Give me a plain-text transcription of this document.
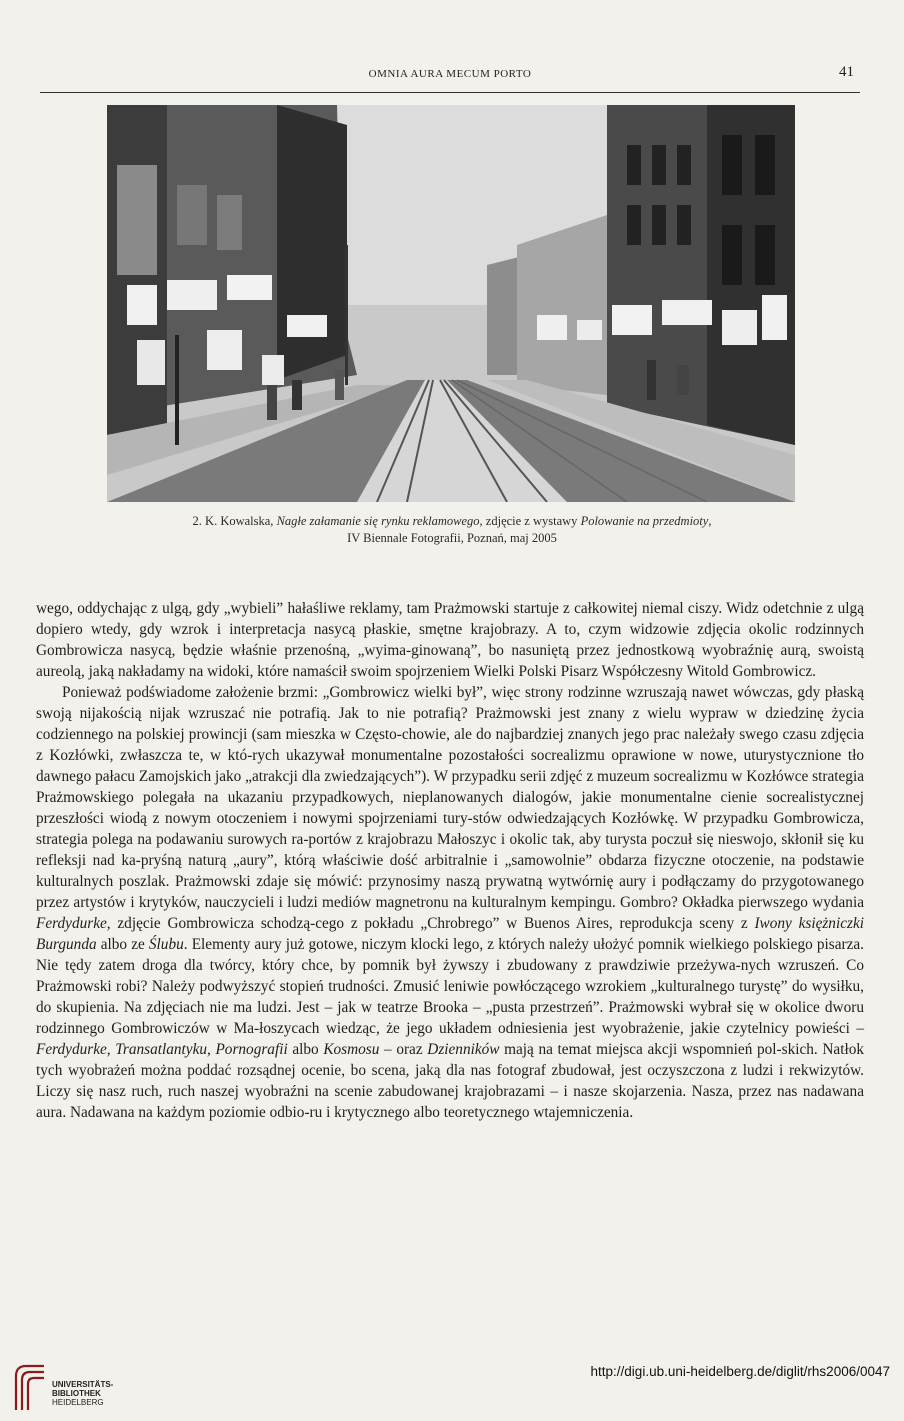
OMNIA AURA MECUM PORTO	41
2. K. Kowalska, Nagłe załamanie się rynku reklamowego, zdjęcie z wystawy Polowanie na przedmioty,
IV Biennale Fotografii, Poznań, maj 2005

wego, oddychając z ulgą, gdy „wybieli” hałaśliwe reklamy, tam Prażmowski startuje z całkowitej niemal ciszy. Widz odetchnie z ulgą dopiero wtedy, gdy wzrok i interpretacja nasycą płaskie, smętne krajobrazy. A to, czym widzowie zdjęcia okolic rodzinnych Gombrowicza nasycą, będzie właśnie przenośną, „wyima-ginowaną”, bo nasuniętą przez jednostkową wyobraźnię aurą, swoistą aureolą, jaką nakładamy na widoki, które namaścił swoim spojrzeniem Wielki Polski Pisarz Współczesny Witold Gombrowicz.

Ponieważ podświadome założenie brzmi: „Gombrowicz wielki był”, więc strony rodzinne wzruszają nawet wówczas, gdy płaską swoją nijakością nijak wzruszać nie potrafią. Jak to nie potrafią? Prażmowski jest znany z wielu wypraw w dziedzinę życia codziennego na polskiej prowincji (sam mieszka w Często-chowie, ale do najbardziej znanych jego prac należały swego czasu zdjęcia z Kozłówki, zwłaszcza te, w któ-rych ukazywał monumentalne pozostałości socrealizmu oprawione w nowe, uturystycznione tło dawnego pałacu Zamojskich jako „atrakcji dla zwiedzających”). W przypadku serii zdjęć z muzeum socrealizmu w Kozłówce strategia Prażmowskiego polegała na ukazaniu przypadkowych, nieplanowanych dialogów, jakie monumentalne cienie socrealistycznej przeszłości wiodą z nowym otoczeniem i nowymi spojrzeniami tury-stów odwiedzających Kozłówkę. W przypadku Gombrowicza, strategia polega na podawaniu surowych ra-portów z krajobrazu Małoszyc i okolic tak, aby turysta poczuł się nieswojo, skłonił się ku refleksji nad ka-pryśną naturą „aury”, którą właściwie dość arbitralnie i „samowolnie” obdarza fizyczne otoczenie, na podstawie kulturalnych poszlak. Prażmowski zdaje się mówić: przynosimy naszą prywatną wytwórnię aury i podłączamy do przygotowanego przez artystów i krytyków, nauczycieli i ludzi mediów magnetronu na kulturalnym kempingu. Gombro? Okładka pierwszego wydania Ferdydurke, zdjęcie Gombrowicza schodzą-cego z pokładu „Chrobrego” w Buenos Aires, reprodukcja sceny z Iwony księżniczki Burgunda albo ze Ślubu. Elementy aury już gotowe, niczym klocki lego, z których należy ułożyć pomnik wielkiego polskiego pisarza. Nie tędy zatem droga dla twórcy, który chce, by pomnik był żywszy i zbudowany z prawdziwie przeżywa-nych wzruszeń. Co Prażmowski robi? Należy podwyższyć stopień trudności. Zmusić leniwie powłóczącego wzrokiem „kulturalnego turystę” do wysiłku, do skupienia. Na zdjęciach nie ma ludzi. Jest – jak w teatrze Brooka – „pusta przestrzeń”. Prażmowski wybrał się w okolice dworu rodzinnego Gombrowiczów w Ma-łoszycach wiedząc, że jego układem odniesienia jest wyobrażenie, jakie czytelnicy powieści – Ferdydurke, Transatlantyku, Pornografii albo Kosmosu – oraz Dzienników mają na temat miejsca akcji wspomnień pol-skich. Natłok tych wyobrażeń można poddać rozsądnej ocenie, bo scena, jaką dla nas fotograf zbudował, jest oczyszczona z ludzi i rekwizytów. Liczy się nasz ruch, ruch naszej wyobraźni na scenie zabudowanej krajobrazami – i nasze skojarzenia. Nasza, przez nas nadawana aura. Nadawana na każdym poziomie odbio-ru i krytycznego albo teoretycznego wtajemniczenia.

UNIVERSITÄTS-
BIBLIOTHEK
HEIDELBERG
http://digi.ub.uni-heidelberg.de/diglit/rhs2006/0047
